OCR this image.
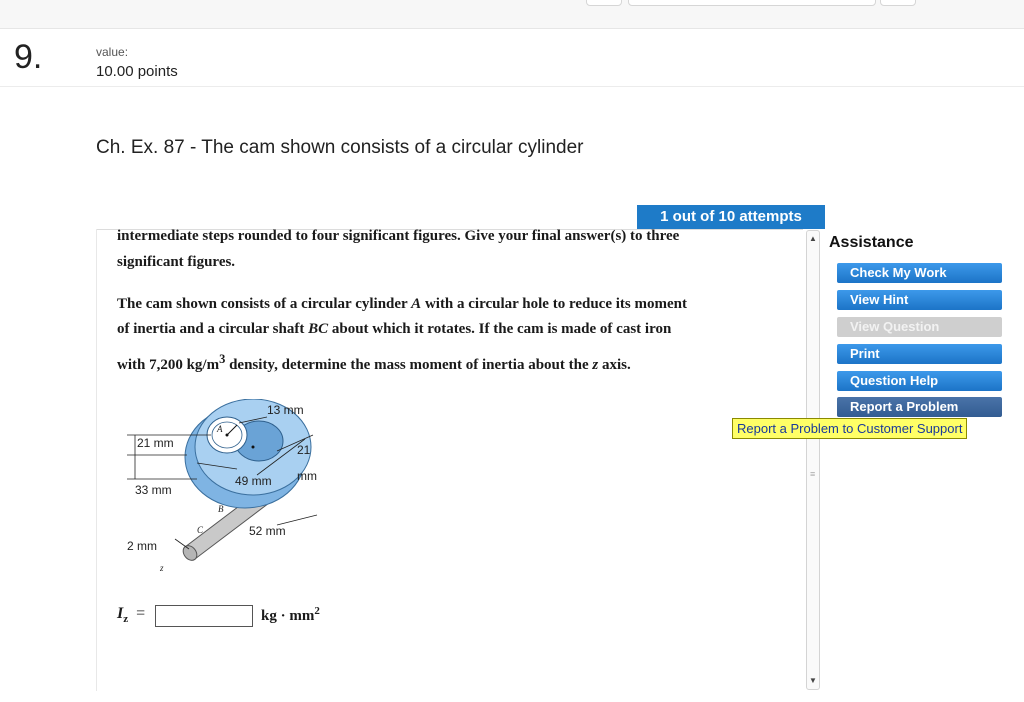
9.	value:
10.00 points
Ch. Ex. 87 - The cam shown consists of a circular cylinder
1 out of 10 attempts

intermediate steps rounded to four significant figures. Give your final answer(s) to three

significant figures.

The cam shown consists of a circular cylinder A with a circular hole to reduce its moment

of inertia and a circular shaft BC about which it rotates. If the cam is made of cast iron

with 7,200 $kg/m^3$ density, determine the mass moment of inertia about the z axis.

13 mm
21 mm
33 mm
49 mm
21
mm
52 mm
2 mm
A
B
C
z
$I_z$ =	kg · $mm^2$
▲
≡
▼
Assistance
Check My Work
View Hint
View Question
Print
Question Help
Report a Problem
Report a Problem to Customer Support
